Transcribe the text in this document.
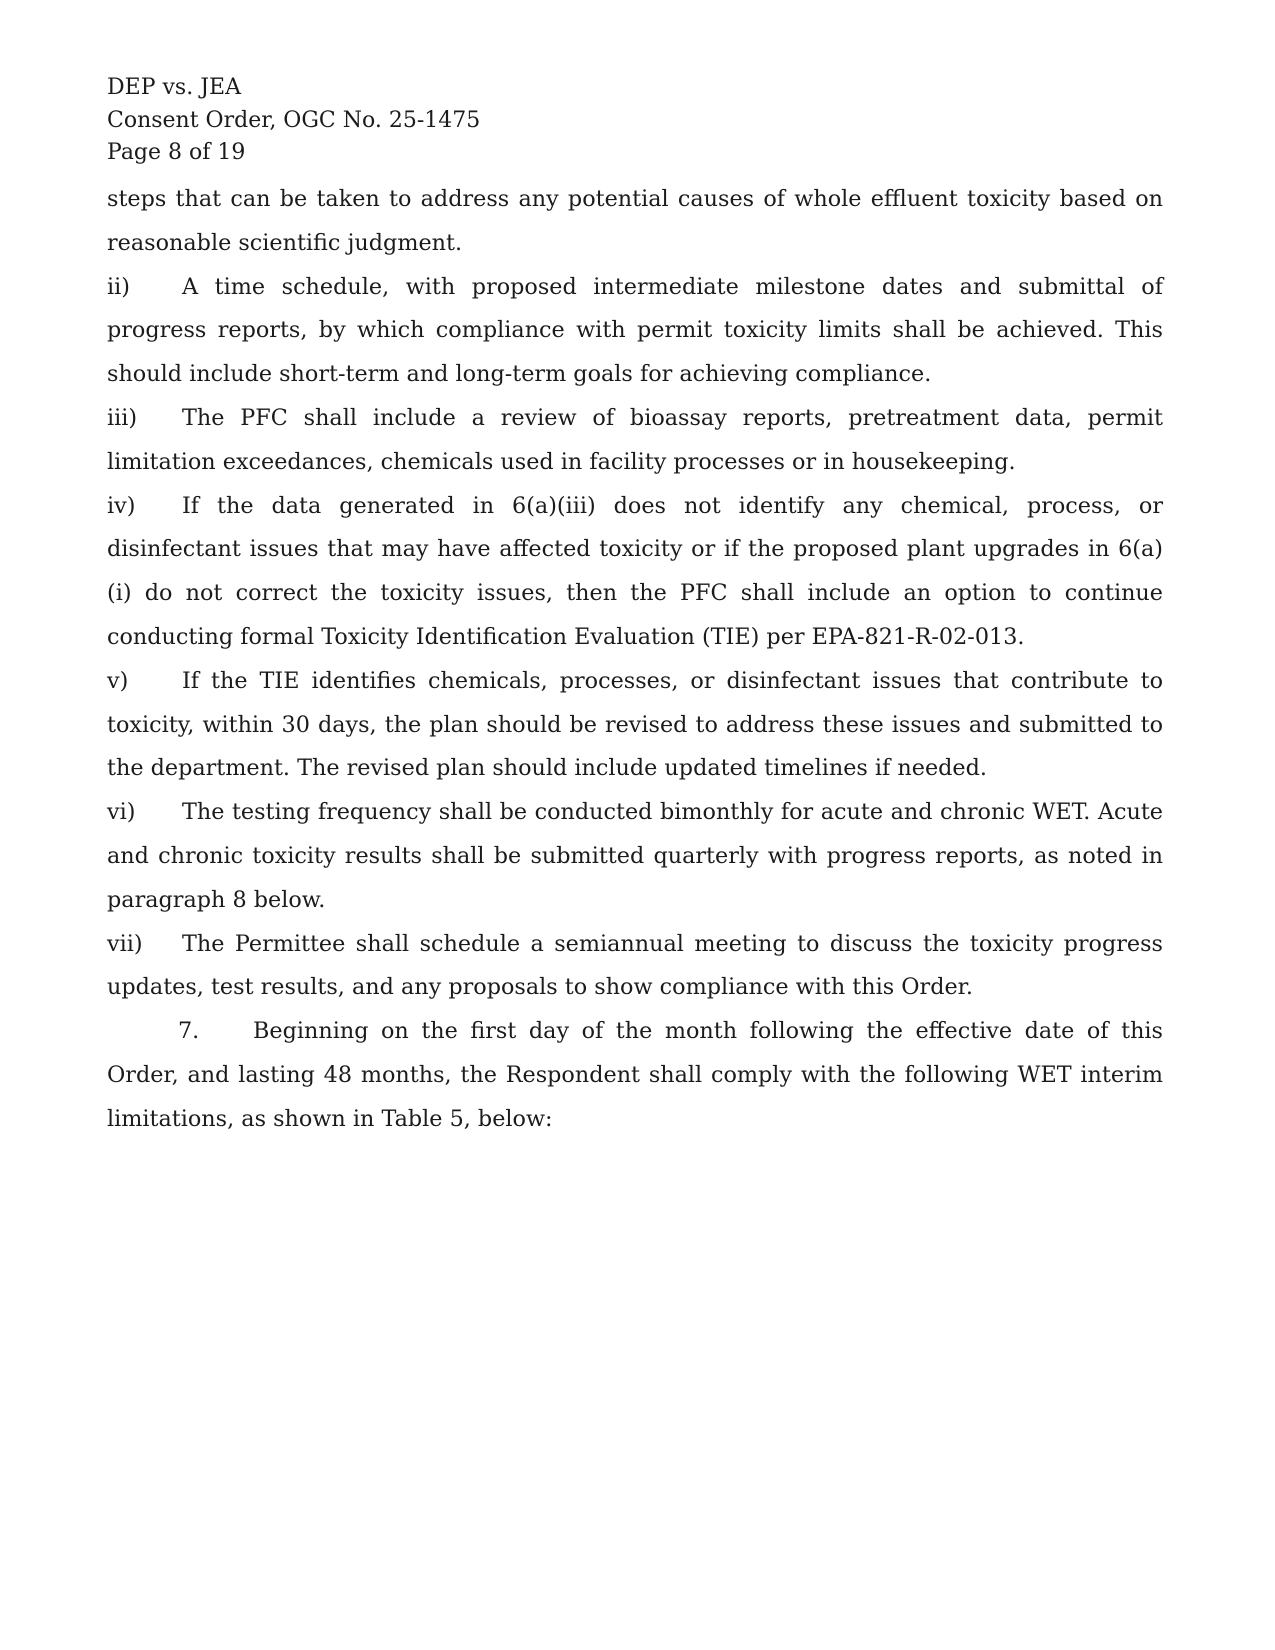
DEP vs. JEA
Consent Order, OGC No. 25-1475
Page 8 of 19

steps that can be taken to address any potential causes of whole effluent toxicity based on reasonable scientific judgment.

ii) A time schedule, with proposed intermediate milestone dates and submittal of progress reports, by which compliance with permit toxicity limits shall be achieved. This should include short-term and long-term goals for achieving compliance.

iii) The PFC shall include a review of bioassay reports, pretreatment data, permit limitation exceedances, chemicals used in facility processes or in housekeeping.

iv) If the data generated in 6(a)(iii) does not identify any chemical, process, or disinfectant issues that may have affected toxicity or if the proposed plant upgrades in 6(a)(i) do not correct the toxicity issues, then the PFC shall include an option to continue conducting formal Toxicity Identification Evaluation (TIE) per EPA-821-R-02-013.

v) If the TIE identifies chemicals, processes, or disinfectant issues that contribute to toxicity, within 30 days, the plan should be revised to address these issues and submitted to the department. The revised plan should include updated timelines if needed.

vi) The testing frequency shall be conducted bimonthly for acute and chronic WET. Acute and chronic toxicity results shall be submitted quarterly with progress reports, as noted in paragraph 8 below.

vii) The Permittee shall schedule a semiannual meeting to discuss the toxicity progress updates, test results, and any proposals to show compliance with this Order.

7. Beginning on the first day of the month following the effective date of this Order, and lasting 48 months, the Respondent shall comply with the following WET interim limitations, as shown in Table 5, below:
